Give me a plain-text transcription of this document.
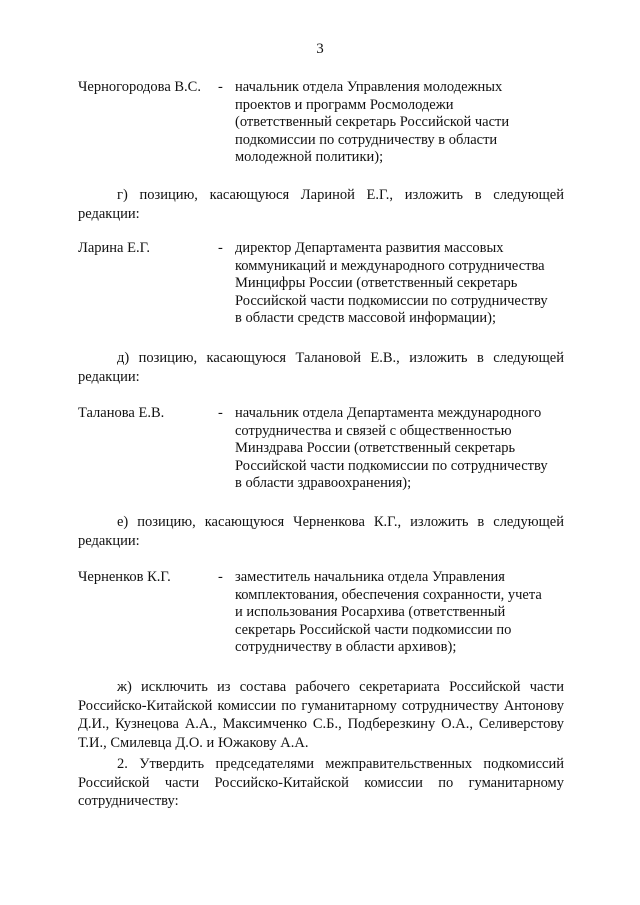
3
Черногородова В.С. - начальник отдела Управления молодежных
проектов и программ Росмолодежи
(ответственный секретарь Российской части
подкомиссии по сотрудничеству в области
молодежной политики);
г) позицию, касающуюся Лариной Е.Г., изложить в следующей редакции:
Ларина Е.Г.	- директор Департамента развития массовых
коммуникаций и международного сотрудничества
Минцифры России (ответственный секретарь
Российской части подкомиссии по сотрудничеству
в области средств массовой информации);
д) позицию, касающуюся Талановой Е.В., изложить в следующей редакции:
Таланова Е.В.	- начальник отдела Департамента международного
сотрудничества и связей с общественностью
Минздрава России (ответственный секретарь
Российской части подкомиссии по сотрудничеству
в области здравоохранения);
е) позицию, касающуюся Черненкова К.Г., изложить в следующей редакции:
Черненков К.Г.	- заместитель начальника отдела Управления
комплектования, обеспечения сохранности, учета
и использования Росархива (ответственный
секретарь Российской части подкомиссии по
сотрудничеству в области архивов);
ж) исключить из состава рабочего секретариата Российской части Российско-Китайской комиссии по гуманитарному сотрудничеству Антонову Д.И., Кузнецова А.А., Максимченко С.Б., Подберезкину О.А., Селиверстову Т.И., Смилевца Д.О. и Южакову А.А.
2. Утвердить председателями межправительственных подкомиссий Российской части Российско-Китайской комиссии по гуманитарному сотрудничеству:
